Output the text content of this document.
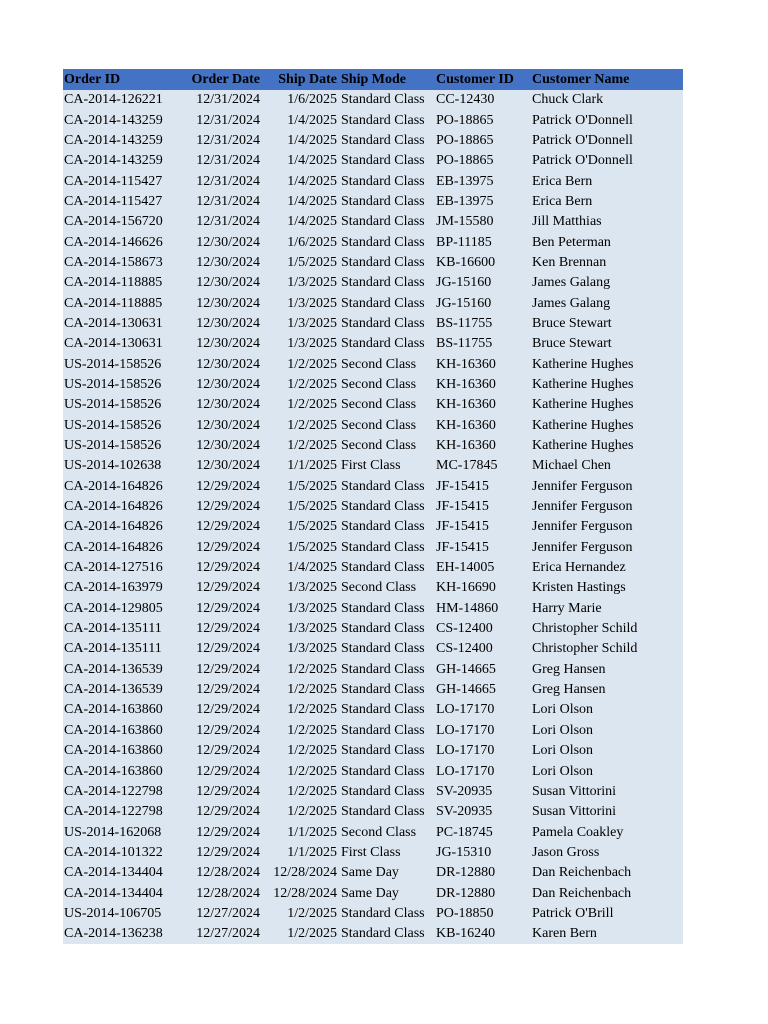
Order ID	Order Date	Ship Date	Ship Mode	Customer ID	Customer Name
CA-2014-126221	12/31/2024	1/6/2025	Standard Class	CC-12430	Chuck Clark
CA-2014-143259	12/31/2024	1/4/2025	Standard Class	PO-18865	Patrick O'Donnell
CA-2014-143259	12/31/2024	1/4/2025	Standard Class	PO-18865	Patrick O'Donnell
CA-2014-143259	12/31/2024	1/4/2025	Standard Class	PO-18865	Patrick O'Donnell
CA-2014-115427	12/31/2024	1/4/2025	Standard Class	EB-13975	Erica Bern
CA-2014-115427	12/31/2024	1/4/2025	Standard Class	EB-13975	Erica Bern
CA-2014-156720	12/31/2024	1/4/2025	Standard Class	JM-15580	Jill Matthias
CA-2014-146626	12/30/2024	1/6/2025	Standard Class	BP-11185	Ben Peterman
CA-2014-158673	12/30/2024	1/5/2025	Standard Class	KB-16600	Ken Brennan
CA-2014-118885	12/30/2024	1/3/2025	Standard Class	JG-15160	James Galang
CA-2014-118885	12/30/2024	1/3/2025	Standard Class	JG-15160	James Galang
CA-2014-130631	12/30/2024	1/3/2025	Standard Class	BS-11755	Bruce Stewart
CA-2014-130631	12/30/2024	1/3/2025	Standard Class	BS-11755	Bruce Stewart
US-2014-158526	12/30/2024	1/2/2025	Second Class	KH-16360	Katherine Hughes
US-2014-158526	12/30/2024	1/2/2025	Second Class	KH-16360	Katherine Hughes
US-2014-158526	12/30/2024	1/2/2025	Second Class	KH-16360	Katherine Hughes
US-2014-158526	12/30/2024	1/2/2025	Second Class	KH-16360	Katherine Hughes
US-2014-158526	12/30/2024	1/2/2025	Second Class	KH-16360	Katherine Hughes
US-2014-102638	12/30/2024	1/1/2025	First Class	MC-17845	Michael Chen
CA-2014-164826	12/29/2024	1/5/2025	Standard Class	JF-15415	Jennifer Ferguson
CA-2014-164826	12/29/2024	1/5/2025	Standard Class	JF-15415	Jennifer Ferguson
CA-2014-164826	12/29/2024	1/5/2025	Standard Class	JF-15415	Jennifer Ferguson
CA-2014-164826	12/29/2024	1/5/2025	Standard Class	JF-15415	Jennifer Ferguson
CA-2014-127516	12/29/2024	1/4/2025	Standard Class	EH-14005	Erica Hernandez
CA-2014-163979	12/29/2024	1/3/2025	Second Class	KH-16690	Kristen Hastings
CA-2014-129805	12/29/2024	1/3/2025	Standard Class	HM-14860	Harry Marie
CA-2014-135111	12/29/2024	1/3/2025	Standard Class	CS-12400	Christopher Schild
CA-2014-135111	12/29/2024	1/3/2025	Standard Class	CS-12400	Christopher Schild
CA-2014-136539	12/29/2024	1/2/2025	Standard Class	GH-14665	Greg Hansen
CA-2014-136539	12/29/2024	1/2/2025	Standard Class	GH-14665	Greg Hansen
CA-2014-163860	12/29/2024	1/2/2025	Standard Class	LO-17170	Lori Olson
CA-2014-163860	12/29/2024	1/2/2025	Standard Class	LO-17170	Lori Olson
CA-2014-163860	12/29/2024	1/2/2025	Standard Class	LO-17170	Lori Olson
CA-2014-163860	12/29/2024	1/2/2025	Standard Class	LO-17170	Lori Olson
CA-2014-122798	12/29/2024	1/2/2025	Standard Class	SV-20935	Susan Vittorini
CA-2014-122798	12/29/2024	1/2/2025	Standard Class	SV-20935	Susan Vittorini
US-2014-162068	12/29/2024	1/1/2025	Second Class	PC-18745	Pamela Coakley
CA-2014-101322	12/29/2024	1/1/2025	First Class	JG-15310	Jason Gross
CA-2014-134404	12/28/2024	12/28/2024	Same Day	DR-12880	Dan Reichenbach
CA-2014-134404	12/28/2024	12/28/2024	Same Day	DR-12880	Dan Reichenbach
US-2014-106705	12/27/2024	1/2/2025	Standard Class	PO-18850	Patrick O'Brill
CA-2014-136238	12/27/2024	1/2/2025	Standard Class	KB-16240	Karen Bern
